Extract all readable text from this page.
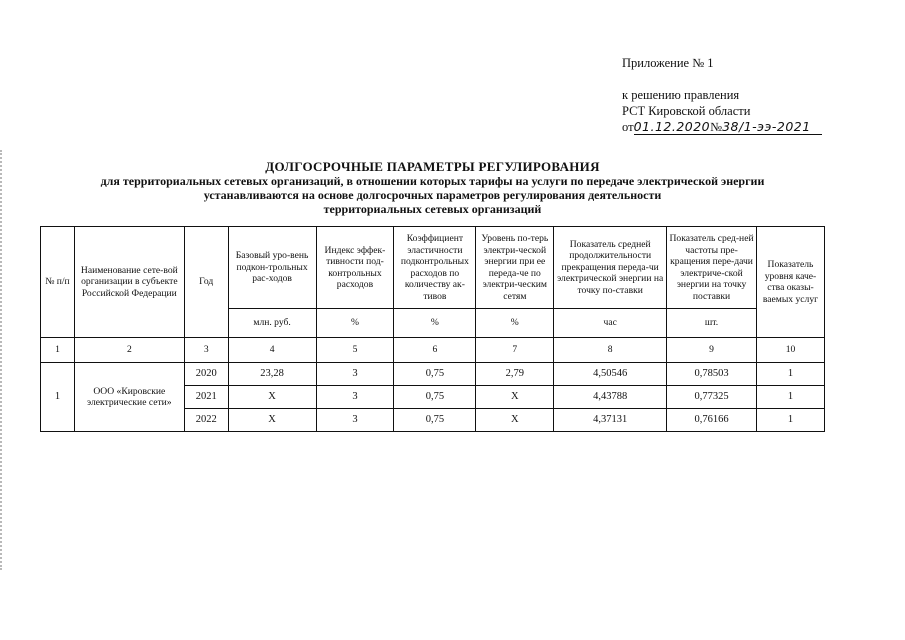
Приложение № 1
к решению правления
РСТ Кировской области
от01.12.2020№38/1-ээ-2021
ДОЛГОСРОЧНЫЕ ПАРАМЕТРЫ РЕГУЛИРОВАНИЯ
для территориальных сетевых организаций, в отношении которых тарифы на услуги по передаче электрической энергии
устанавливаются на основе долгосрочных параметров регулирования деятельности
территориальных сетевых организаций
№ п/п	Наименование сете-вой организации в субъекте Российской Федерации	Год	Базовый уро-вень подкон-трольных рас-ходов	Индекс эффек-тивности под-контрольных расходов	Коэффициент эластичности подконтрольных расходов по количеству ак-тивов	Уровень по-терь электри-ческой энергии при ее переда-че по электри-ческим сетям	Показатель средней продолжительности прекращения переда-чи электрической энергии на точку по-ставки	Показатель сред-ней частоты пре-кращения пере-дачи электриче-ской энергии на точку поставки	Показатель уровня каче-ства оказы-ваемых услуг
			млн. руб.	%	%	%	час	шт.	
1	2	3	4	5	6	7	8	9	10
1	ООО «Кировские электрические сети»	2020	23,28	3	0,75	2,79	4,50546	0,78503	1
		2021	Х	3	0,75	Х	4,43788	0,77325	1
		2022	Х	3	0,75	Х	4,37131	0,76166	1
